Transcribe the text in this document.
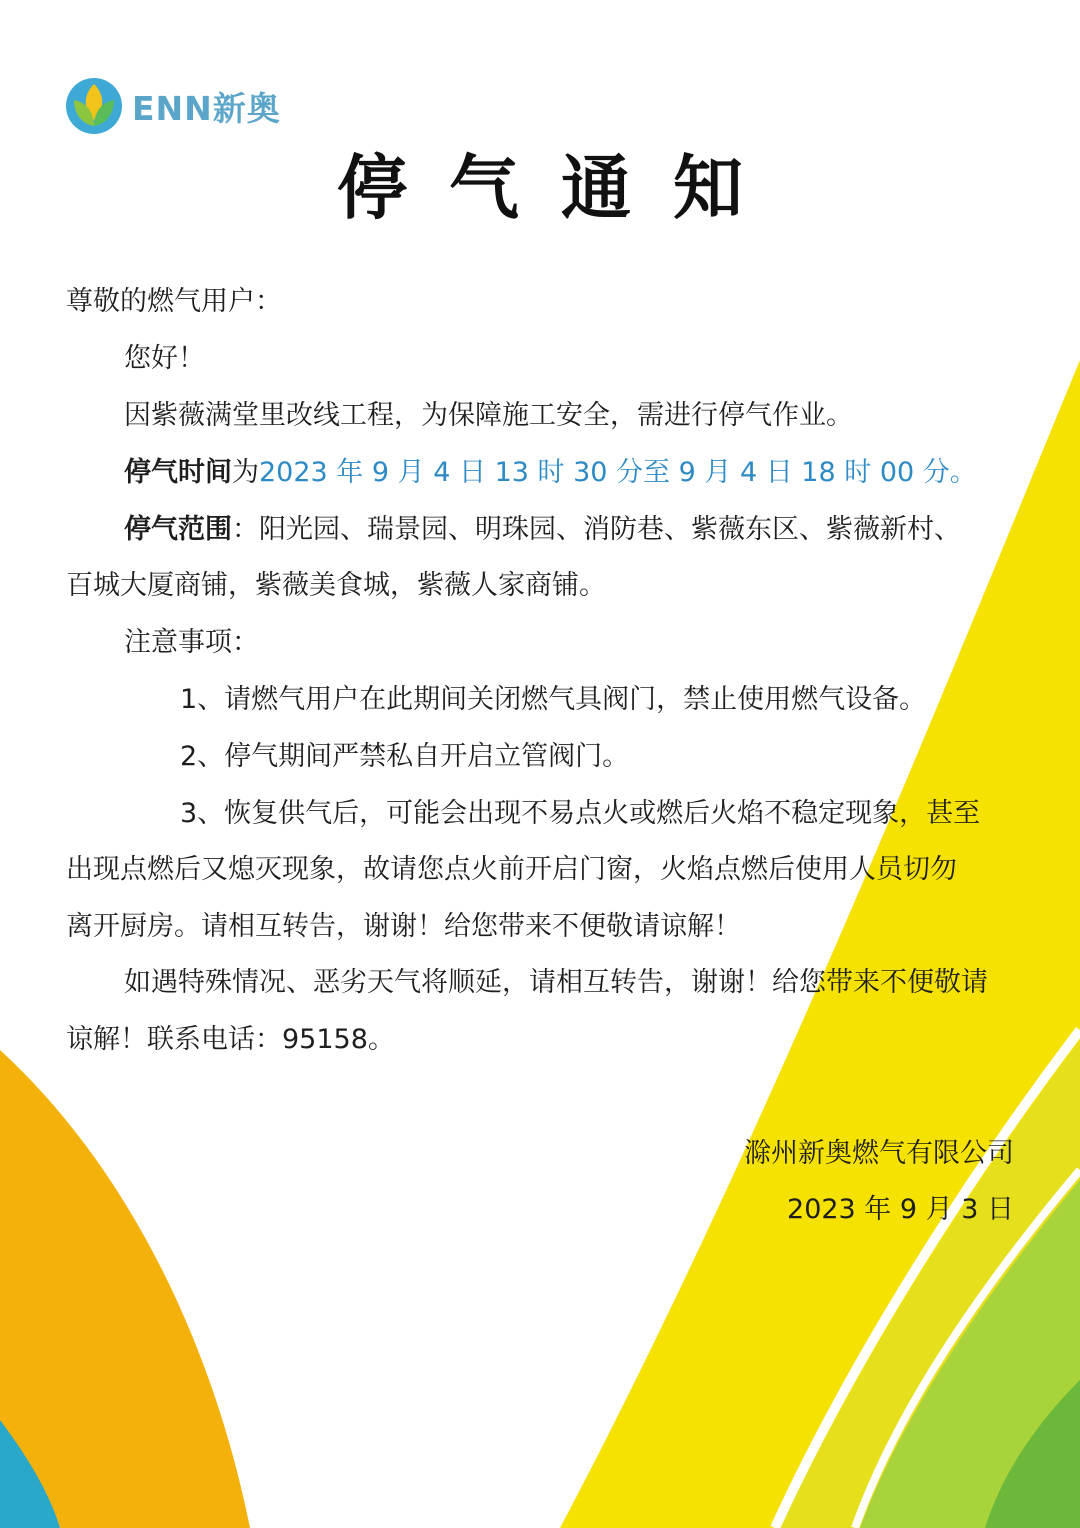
ENN新奥
停气通知
尊敬的燃气用户：
您好！
因紫薇满堂里改线工程，为保障施工安全，需进行停气作业。
停气时间为2023 年 9 月 4 日 13 时 30 分至 9 月 4 日 18 时 00 分。
停气范围：阳光园、瑞景园、明珠园、消防巷、紫薇东区、紫薇新村、
百城大厦商铺，紫薇美食城，紫薇人家商铺。
注意事项：
1、请燃气用户在此期间关闭燃气具阀门，禁止使用燃气设备。
2、停气期间严禁私自开启立管阀门。
3、恢复供气后，可能会出现不易点火或燃后火焰不稳定现象，甚至
出现点燃后又熄灭现象，故请您点火前开启门窗，火焰点燃后使用人员切勿
离开厨房。请相互转告，谢谢！给您带来不便敬请谅解！
如遇特殊情况、恶劣天气将顺延，请相互转告，谢谢！给您带来不便敬请
谅解！联系电话：95158。
滁州新奥燃气有限公司
2023 年 9 月 3 日
